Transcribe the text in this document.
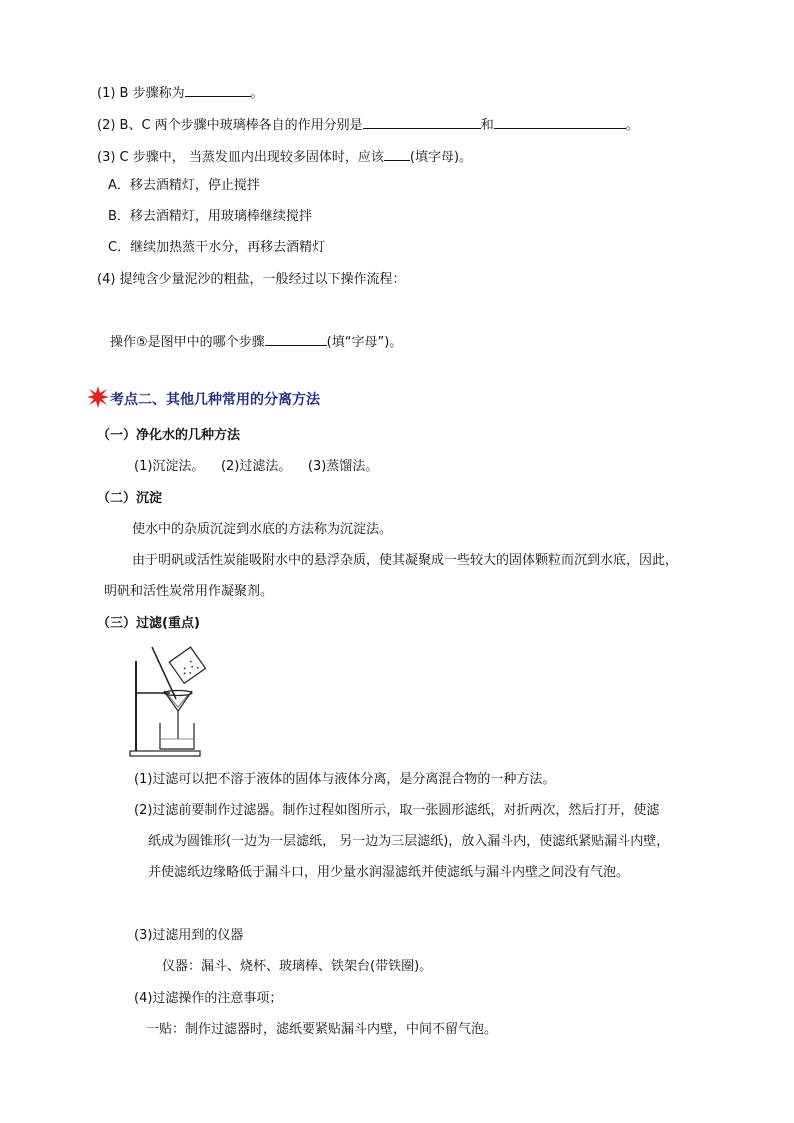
(1) B 步骤称为	。
(2) B、C 两个步骤中玻璃棒各自的作用分别是	和	。
(3) C 步骤中， 当蒸发皿内出现较多固体时，应该 (填字母)。
A．移去酒精灯，停止搅拌
B．移去酒精灯，用玻璃棒继续搅拌
C．继续加热蒸干水分，再移去酒精灯
(4) 提纯含少量泥沙的粗盐，一般经过以下操作流程：
操作⑤是图甲中的哪个步骤	(填“字母”)。
考点二、其他几种常用的分离方法
（一）净化水的几种方法
(1)沉淀法。    (2)过滤法。    (3)蒸馏法。
（二）沉淀
使水中的杂质沉淀到水底的方法称为沉淀法。
由于明矾或活性炭能吸附水中的悬浮杂质，使其凝聚成一些较大的固体颗粒而沉到水底，因此，
明矾和活性炭常用作凝聚剂。
（三）过滤(重点)
(1)过滤可以把不溶于液体的固体与液体分离，是分离混合物的一种方法。
(2)过滤前要制作过滤器。制作过程如图所示，取一张圆形滤纸，对折两次，然后打开，使滤
纸成为圆锥形(一边为一层滤纸， 另一边为三层滤纸)，放入漏斗内，使滤纸紧贴漏斗内壁，
并使滤纸边缘略低于漏斗口，用少量水润湿滤纸并使滤纸与漏斗内壁之间没有气泡。
(3)过滤用到的仪器
仪器：漏斗、烧杯、玻璃棒、铁架台(带铁圈)。
(4)过滤操作的注意事项；
一贴：制作过滤器时，滤纸要紧贴漏斗内壁，中间不留气泡。
